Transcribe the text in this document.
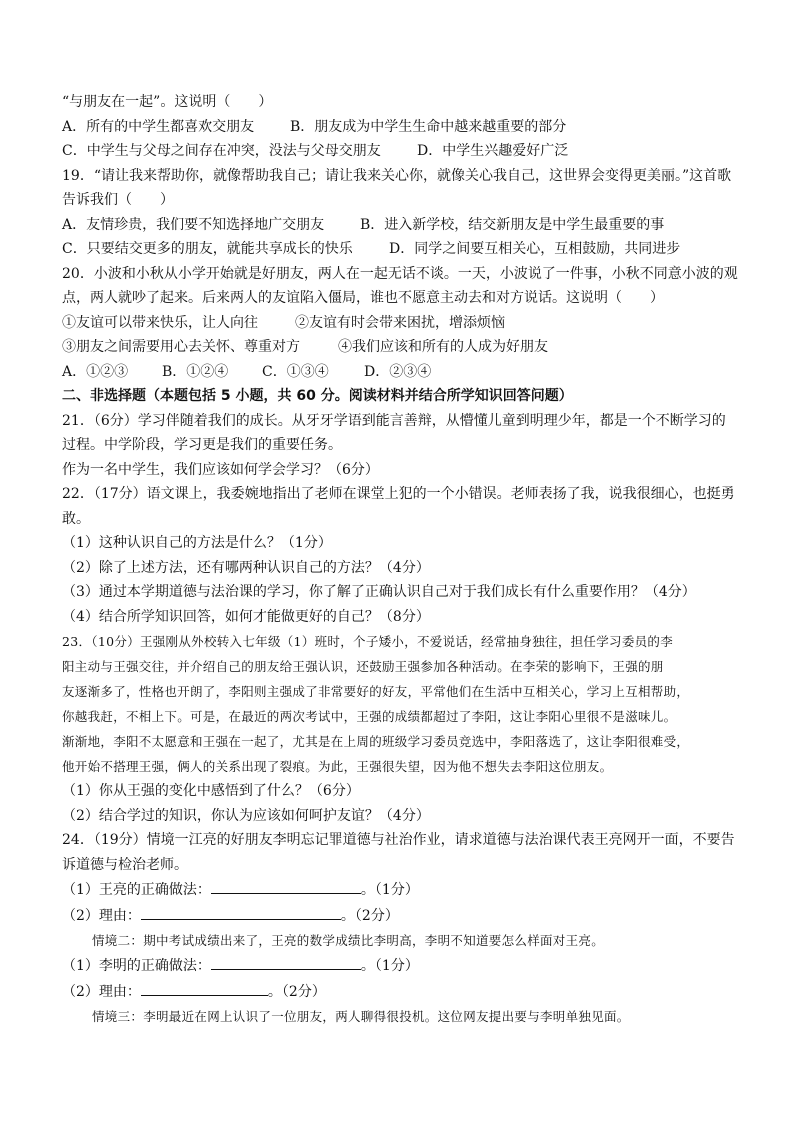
“与朋友在一起”。这说明（　　）
A．所有的中学生都喜欢交朋友	B．朋友成为中学生生命中越来越重要的部分
C．中学生与父母之间存在冲突，没法与父母交朋友	D．中学生兴趣爱好广泛
19．“请让我来帮助你，就像帮助我自己；请让我来关心你，就像关心我自己，这世界会变得更美丽。”这首歌
告诉我们（　　）
A．友情珍贵，我们要不知选择地广交朋友	B．进入新学校，结交新朋友是中学生最重要的事
C．只要结交更多的朋友，就能共享成长的快乐	D．同学之间要互相关心，互相鼓励，共同进步
20．小波和小秋从小学开始就是好朋友，两人在一起无话不谈。一天，小波说了一件事，小秋不同意小波的观
点，两人就吵了起来。后来两人的友谊陷入僵局，谁也不愿意主动去和对方说话。这说明（　　）
①友谊可以带来快乐，让人向往	②友谊有时会带来困扰，增添烦恼
③朋友之间需要用心去关怀、尊重对方	④我们应该和所有的人成为好朋友
A．①②③ B．①②④ C．①③④	D．②③④
二、非选择题（本题包括 5 小题，共 60 分。阅读材料并结合所学知识回答问题）
21．（6分）学习伴随着我们的成长。从牙牙学语到能言善辩，从懵懂儿童到明理少年，都是一个不断学习的
过程。中学阶段，学习更是我们的重要任务。
作为一名中学生，我们应该如何学会学习？（6分）
22．（17分）语文课上，我委婉地指出了老师在课堂上犯的一个小错误。老师表扬了我，说我很细心，也挺勇
敢。
（1）这种认识自己的方法是什么？（1分）
（2）除了上述方法，还有哪两种认识自己的方法？（4分）
（3）通过本学期道德与法治课的学习，你了解了正确认识自己对于我们成长有什么重要作用？（4分）
（4）结合所学知识回答，如何才能做更好的自己？（8分）
23．（10分）王强刚从外校转入七年级（1）班时，个子矮小，不爱说话，经常抽身独往，担任学习委员的李
阳主动与王强交往，并介绍自己的朋友给王强认识，还鼓励王强参加各种活动。在李荣的影响下，王强的朋
友逐渐多了，性格也开朗了，李阳则主强成了非常要好的好友，平常他们在生活中互相关心，学习上互相帮助，
你越我赶，不相上下。可是，在最近的两次考试中，王强的成绩都超过了李阳，这让李阳心里很不是滋味儿。
渐渐地，李阳不太愿意和王强在一起了，尤其是在上周的班级学习委员竞选中，李阳落选了，这让李阳很难受，
他开始不搭理王强，俩人的关系出现了裂痕。为此，王强很失望，因为他不想失去李阳这位朋友。
（1）你从王强的变化中感悟到了什么？（6分）
（2）结合学过的知识，你认为应该如何呵护友谊？（4分）
24．（19分）情境一江亮的好朋友李明忘记罪道德与社治作业，请求道德与法治课代表王亮网开一面，不要告
诉道德与检治老师。
（1）王亮的正确做法：	。（1分）
（2）理由：	。（2分）
情境二：期中考试成绩出来了，王亮的数学成绩比李明高，李明不知道要怎么样面对王亮。
（1）李明的正确做法：	。（1分）
（2）理由：	。（2分）
情境三：李明最近在网上认识了一位朋友，两人聊得很投机。这位网友提出要与李明单独见面。
